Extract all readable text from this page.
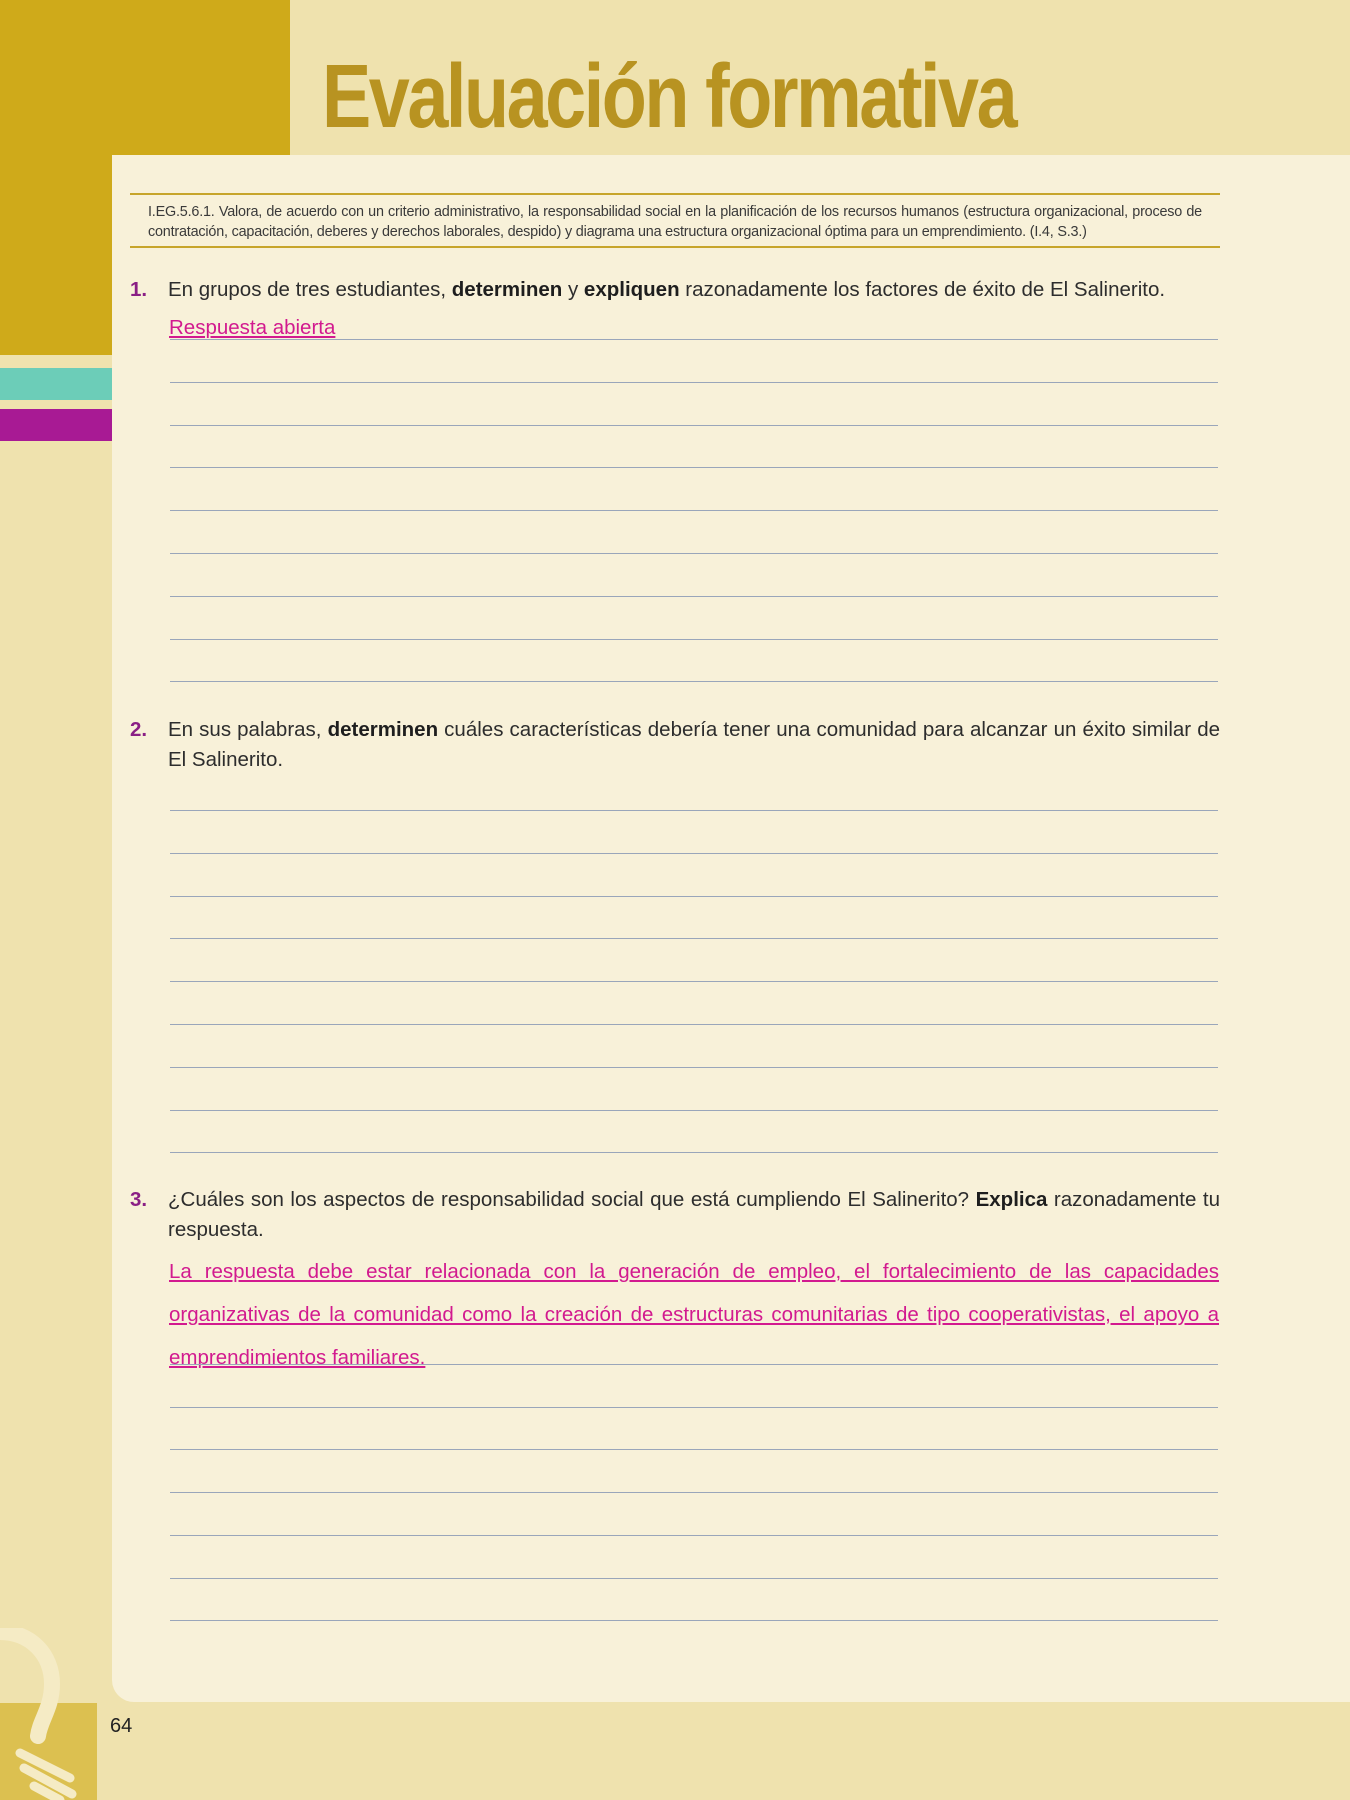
Evaluación formativa
I.EG.5.6.1. Valora, de acuerdo con un criterio administrativo, la responsabilidad social en la planificación de los recursos humanos (estructura organizacional, proceso de contratación, capacitación, deberes y derechos laborales, despido) y diagrama una estructura organizacional óptima para un emprendimiento. (I.4, S.3.)
1. En grupos de tres estudiantes, determinen y expliquen razonadamente los factores de éxito de El Salinerito.
Respuesta abierta
2. En sus palabras, determinen cuáles características debería tener una comunidad para alcanzar un éxito similar de El Salinerito.
3. ¿Cuáles son los aspectos de responsabilidad social que está cumpliendo El Salinerito? Explica razonadamente tu respuesta.
La respuesta debe estar relacionada con la generación de empleo, el fortalecimiento de las capacidades organizativas de la comunidad como la creación de estructuras comunitarias de tipo cooperativistas, el apoyo a emprendimientos familiares.
64
